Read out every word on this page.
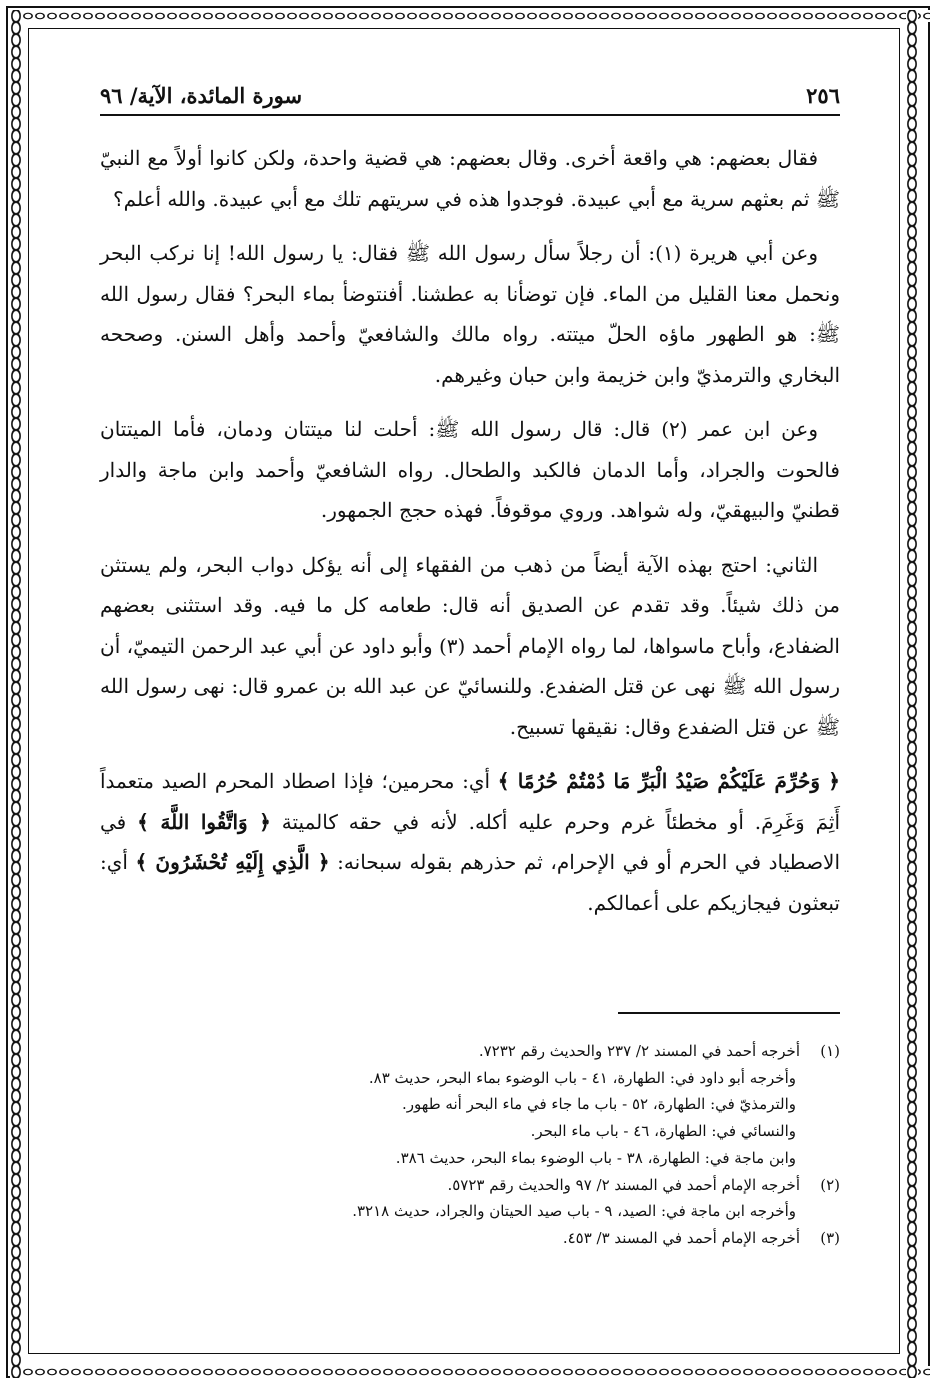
٢٥٦
سورة المائدة، الآية/ ٩٦

فقال بعضهم: هي واقعة أخرى. وقال بعضهم: هي قضية واحدة، ولكن كانوا أولاً مع النبيّ ﷺ ثم بعثهم سرية مع أبي عبيدة. فوجدوا هذه في سريتهم تلك مع أبي عبيدة. والله أعلم؟

وعن أبي هريرة (١): أن رجلاً سأل رسول الله ﷺ فقال: يا رسول الله! إنا نركب البحر ونحمل معنا القليل من الماء. فإن توضأنا به عطشنا. أفنتوضأ بماء البحر؟ فقال رسول الله ﷺ: هو الطهور ماؤه الحلّ ميتته. رواه مالك والشافعيّ وأحمد وأهل السنن. وصححه البخاري والترمذيّ وابن خزيمة وابن حبان وغيرهم.

وعن ابن عمر (٢) قال: قال رسول الله ﷺ: أحلت لنا ميتتان ودمان، فأما الميتتان فالحوت والجراد، وأما الدمان فالكبد والطحال. رواه الشافعيّ وأحمد وابن ماجة والدار قطنيّ والبيهقيّ، وله شواهد. وروي موقوفاً. فهذه حجج الجمهور.

الثاني: احتج بهذه الآية أيضاً من ذهب من الفقهاء إلى أنه يؤكل دواب البحر، ولم يستثن من ذلك شيئاً. وقد تقدم عن الصديق أنه قال: طعامه كل ما فيه. وقد استثنى بعضهم الضفادع، وأباح ماسواها، لما رواه الإمام أحمد (٣) وأبو داود عن أبي عبد الرحمن التيميّ، أن رسول الله ﷺ نهى عن قتل الضفدع. وللنسائيّ عن عبد الله بن عمرو قال: نهى رسول الله ﷺ عن قتل الضفدع وقال: نقيقها تسبيح.

﴿ وَحُرِّمَ عَلَيْكُمْ صَيْدُ الْبَرِّ مَا دُمْتُمْ حُرُمًا ﴾ أي: محرمين؛ فإذا اصطاد المحرم الصيد متعمداً أَثِمَ وَغَرِمَ. أو مخطئاً غرم وحرم عليه أكله. لأنه في حقه كالميتة ﴿ وَاتَّقُوا اللَّهَ ﴾ في الاصطياد في الحرم أو في الإحرام، ثم حذرهم بقوله سبحانه: ﴿ الَّذِي إِلَيْهِ تُحْشَرُونَ ﴾ أي: تبعثون فيجازيكم على أعمالكم.

(١)أخرجه أحمد في المسند ٢/ ٢٣٧ والحديث رقم ٧٢٣٢.
وأخرجه أبو داود في: الطهارة، ٤١ - باب الوضوء بماء البحر، حديث ٨٣.
والترمذيّ في: الطهارة، ٥٢ - باب ما جاء في ماء البحر أنه طهور.
والنسائي في: الطهارة، ٤٦ - باب ماء البحر.
وابن ماجة في: الطهارة، ٣٨ - باب الوضوء بماء البحر، حديث ٣٨٦.
(٢)أخرجه الإمام أحمد في المسند ٢/ ٩٧ والحديث رقم ٥٧٢٣.
وأخرجه ابن ماجة في: الصيد، ٩ - باب صيد الحيتان والجراد، حديث ٣٢١٨.
(٣)أخرجه الإمام أحمد في المسند ٣/ ٤٥٣.
